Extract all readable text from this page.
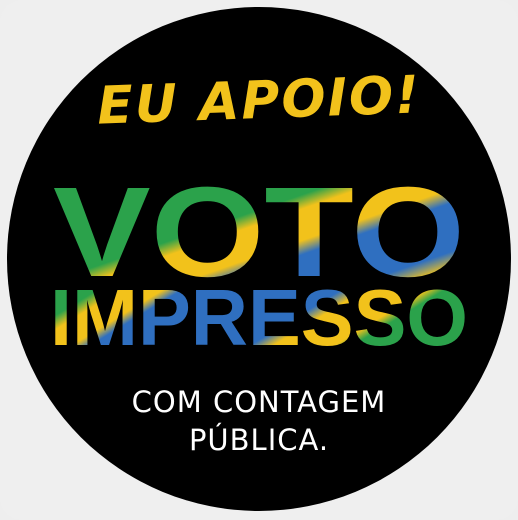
EU APOIO!
VOTO
IMPRESSO
COM CONTAGEM
PÚBLICA.
